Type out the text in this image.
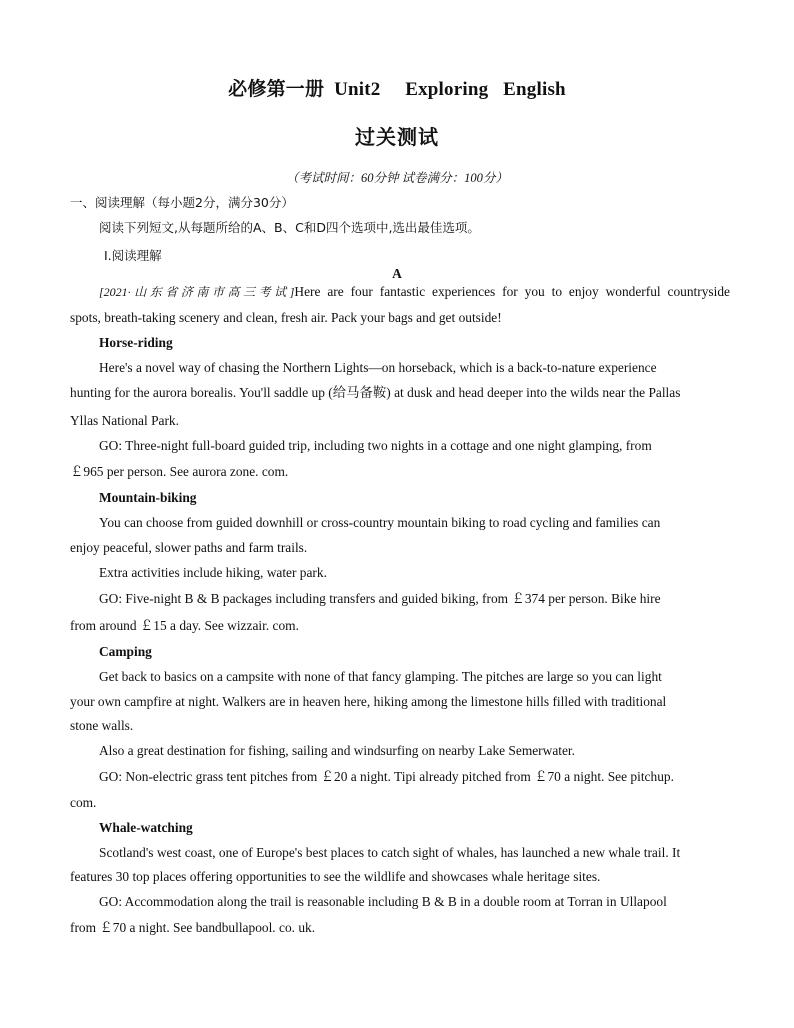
必修第一册  Unit2     Exploring   English
过关测试
（考试时间：60分钟 试卷满分：100分）
一、阅读理解（每小题2分，满分30分）
阅读下列短文,从每题所给的A、B、C和D四个选项中,选出最佳选项。
Ⅰ.阅读理解
A
[2021·山东省济南市高三考试]Here are four fantastic experiences for you to enjoy wonderful countryside
spots, breath-taking scenery and clean, fresh air. Pack your bags and get outside!
Horse-riding
Here's a novel way of chasing the Northern Lights—on horseback, which is a back-to-nature experience
hunting for the aurora borealis. You'll saddle up (给马备鞍) at dusk and head deeper into the wilds near the Pallas
Yllas National Park.
GO: Three-night full-board guided trip, including two nights in a cottage and one night glamping, from
￡965 per person. See aurora zone. com.
Mountain-biking
You can choose from guided downhill or cross-country mountain biking to road cycling and families can
enjoy peaceful, slower paths and farm trails.
Extra activities include hiking, water park.
GO: Five-night B & B packages including transfers and guided biking, from ￡374 per person. Bike hire
from around ￡15 a day. See wizzair. com.
Camping
Get back to basics on a campsite with none of that fancy glamping. The pitches are large so you can light
your own campfire at night. Walkers are in heaven here, hiking among the limestone hills filled with traditional
stone walls.
Also a great destination for fishing, sailing and windsurfing on nearby Lake Semerwater.
GO: Non-electric grass tent pitches from ￡20 a night. Tipi already pitched from ￡70 a night. See pitchup.
com.
Whale-watching
Scotland's west coast, one of Europe's best places to catch sight of whales, has launched a new whale trail. It
features 30 top places offering opportunities to see the wildlife and showcases whale heritage sites.
GO: Accommodation along the trail is reasonable including B & B in a double room at Torran in Ullapool
from ￡70 a night. See bandbullapool. co. uk.
